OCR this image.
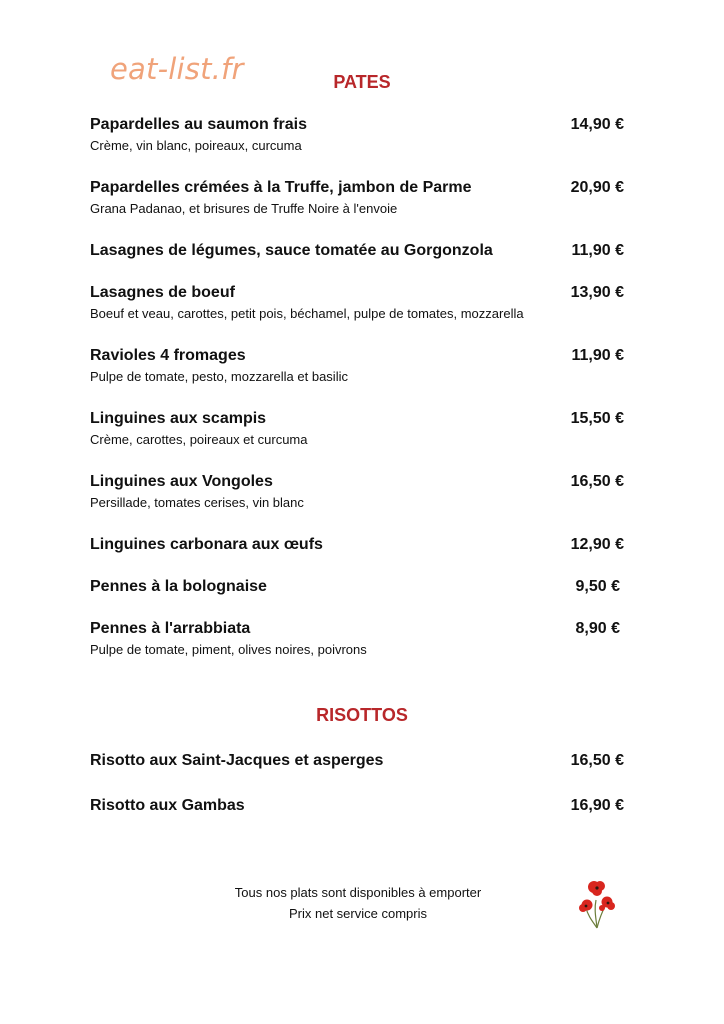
eat-list.fr	PATES
Papardelles au saumon frais	14,90 €
Crème, vin blanc, poireaux, curcuma
Papardelles crémées à la Truffe, jambon de Parme	20,90 €
Grana Padanao, et brisures de Truffe Noire à l'envoie
Lasagnes de légumes, sauce tomatée au Gorgonzola	11,90 €
Lasagnes de boeuf	13,90 €
Boeuf et veau, carottes, petit pois, béchamel, pulpe de tomates, mozzarella
Ravioles 4 fromages	11,90 €
Pulpe de tomate, pesto, mozzarella et basilic
Linguines aux scampis	15,50 €
Crème, carottes, poireaux et curcuma
Linguines aux Vongoles	16,50 €
Persillade, tomates cerises, vin blanc
Linguines carbonara aux œufs	12,90 €
Pennes à la bolognaise	9,50 €
Pennes à l'arrabbiata	8,90 €
Pulpe de tomate, piment, olives noires, poivrons
RISOTTOS
Risotto aux Saint-Jacques et asperges	16,50 €
Risotto aux Gambas	16,90 €
Tous nos plats sont disponibles à emporter
Prix net service compris
